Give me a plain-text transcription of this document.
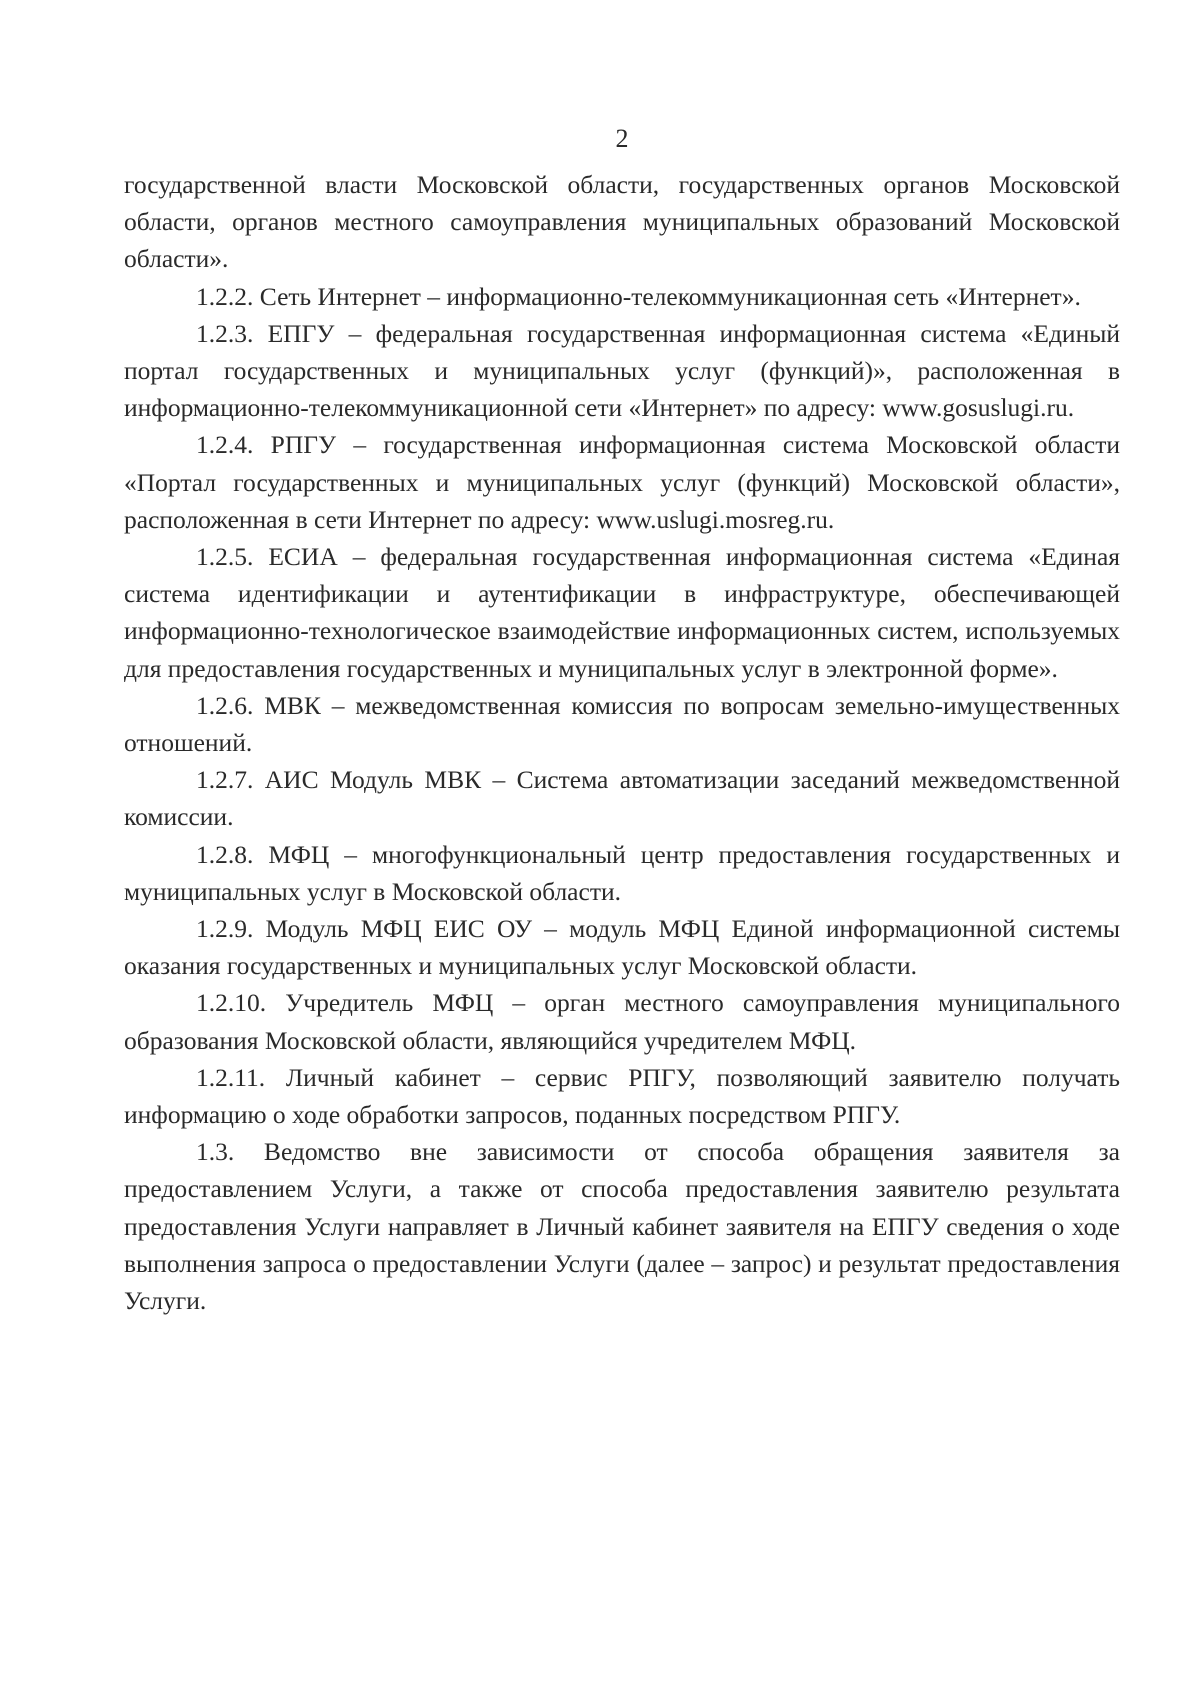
2

государственной власти Московской области, государственных органов Московской области, органов местного самоуправления муниципальных образований Московской области».

1.2.2. Сеть Интернет – информационно-телекоммуникационная сеть «Интернет».

1.2.3. ЕПГУ – федеральная государственная информационная система «Единый портал государственных и муниципальных услуг (функций)», расположенная в информационно-телекоммуникационной сети «Интернет» по адресу: www.gosuslugi.ru.

1.2.4. РПГУ – государственная информационная система Московской области «Портал государственных и муниципальных услуг (функций) Московской области», расположенная в сети Интернет по адресу: www.uslugi.mosreg.ru.

1.2.5. ЕСИА – федеральная государственная информационная система «Единая система идентификации и аутентификации в инфраструктуре, обеспечивающей информационно-технологическое взаимодействие информационных систем, используемых для предоставления государственных и муниципальных услуг в электронной форме».

1.2.6. МВК – межведомственная комиссия по вопросам земельно-имущественных отношений.

1.2.7. АИС Модуль МВК – Система автоматизации заседаний межведомственной комиссии.

1.2.8. МФЦ – многофункциональный центр предоставления государственных и муниципальных услуг в Московской области.

1.2.9. Модуль МФЦ ЕИС ОУ – модуль МФЦ Единой информационной системы оказания государственных и муниципальных услуг Московской области.

1.2.10. Учредитель МФЦ – орган местного самоуправления муниципального образования Московской области, являющийся учредителем МФЦ.

1.2.11. Личный кабинет – сервис РПГУ, позволяющий заявителю получать информацию о ходе обработки запросов, поданных посредством РПГУ.

1.3. Ведомство вне зависимости от способа обращения заявителя за предоставлением Услуги, а также от способа предоставления заявителю результата предоставления Услуги направляет в Личный кабинет заявителя на ЕПГУ сведения о ходе выполнения запроса о предоставлении Услуги (далее – запрос) и результат предоставления Услуги.
